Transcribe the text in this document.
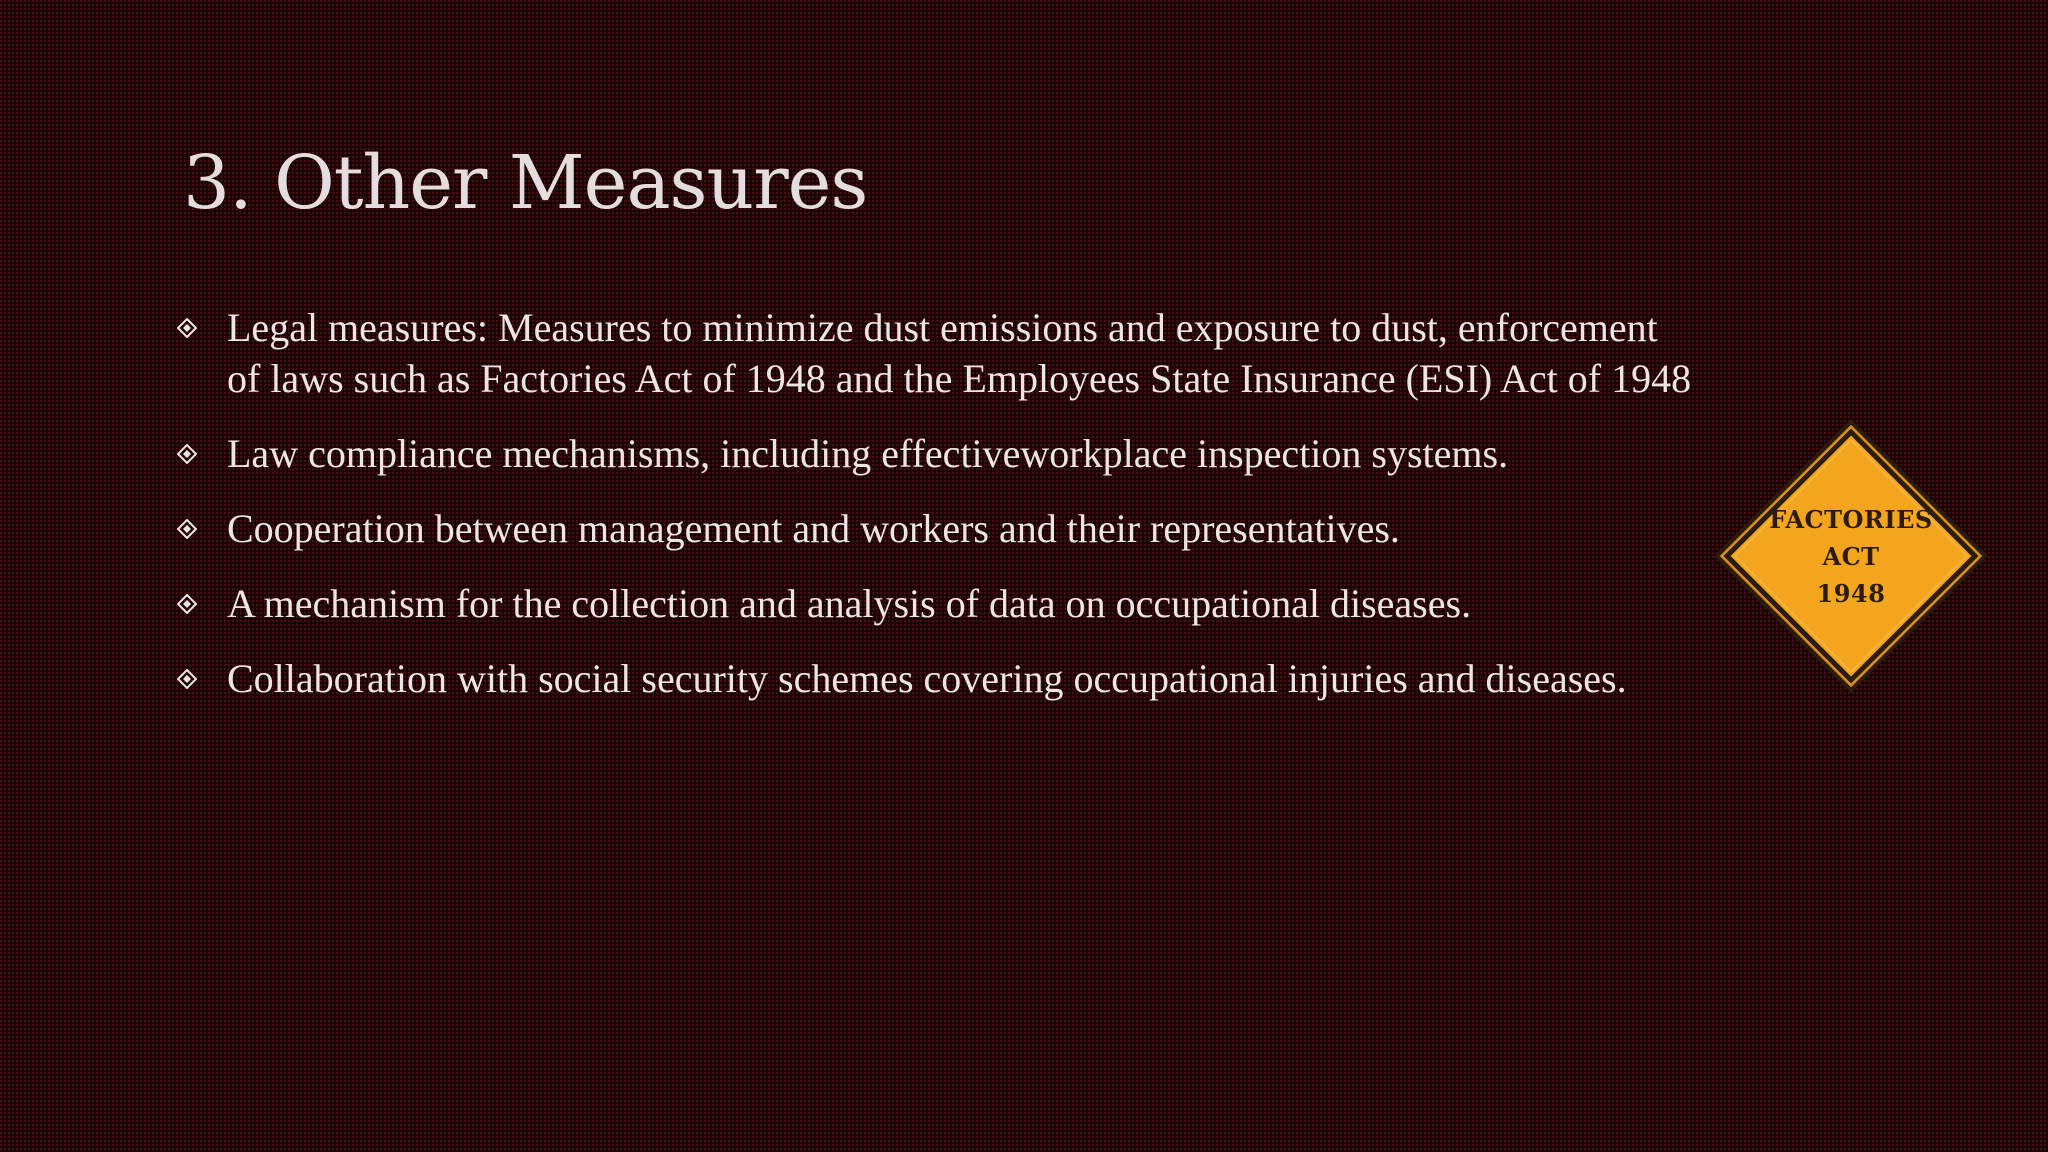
3. Other Measures
Legal measures: Measures to minimize dust emissions and exposure to dust, enforcement
of laws such as Factories Act of 1948 and the Employees State Insurance (ESI) Act of 1948
Law compliance mechanisms, including effectiveworkplace inspection systems.
Cooperation between management and workers and their representatives.
A mechanism for the collection and analysis of data on occupational diseases.
Collaboration with social security schemes covering occupational injuries and diseases.
FACTORIES
ACT
1948
